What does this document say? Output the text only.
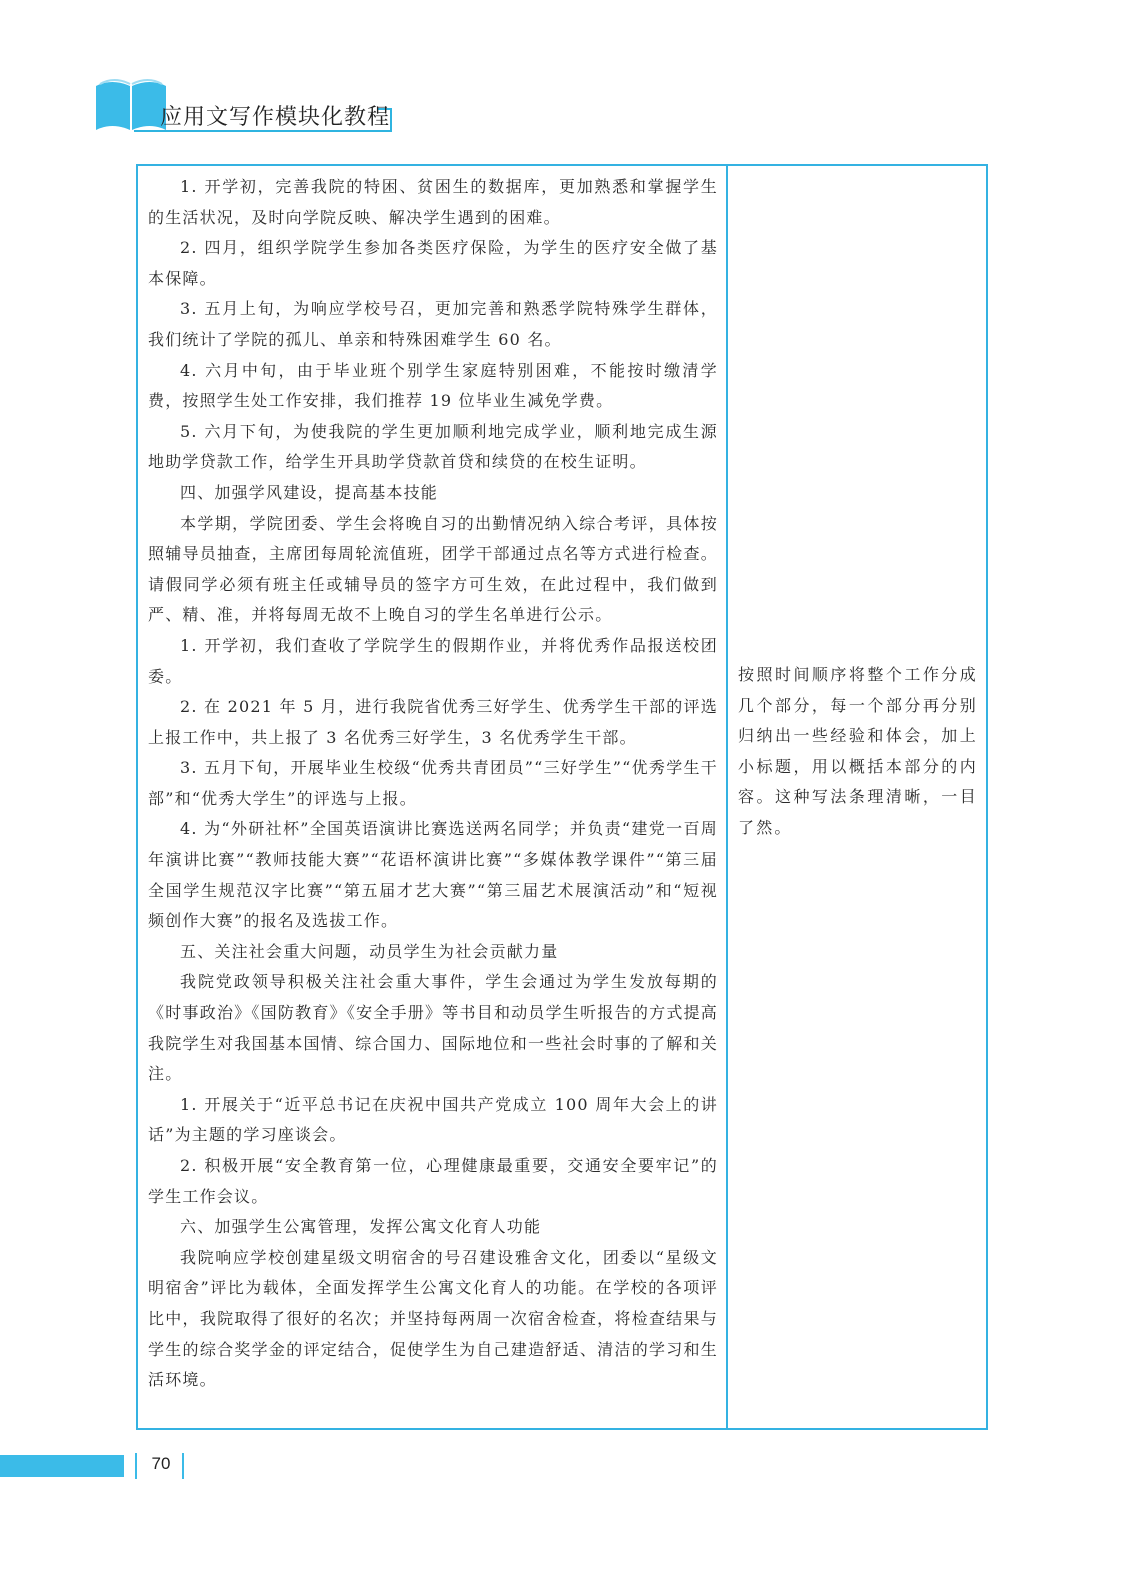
应用文写作模块化教程

1. 开学初，完善我院的特困、贫困生的数据库，更加熟悉和掌握学生的生活状况，及时向学院反映、解决学生遇到的困难。

2. 四月，组织学院学生参加各类医疗保险，为学生的医疗安全做了基本保障。

3. 五月上旬，为响应学校号召，更加完善和熟悉学院特殊学生群体，我们统计了学院的孤儿、单亲和特殊困难学生 60 名。

4. 六月中旬，由于毕业班个别学生家庭特别困难，不能按时缴清学费，按照学生处工作安排，我们推荐 19 位毕业生减免学费。

5. 六月下旬，为使我院的学生更加顺利地完成学业，顺利地完成生源地助学贷款工作，给学生开具助学贷款首贷和续贷的在校生证明。

四、加强学风建设，提高基本技能

本学期，学院团委、学生会将晚自习的出勤情况纳入综合考评，具体按照辅导员抽查，主席团每周轮流值班，团学干部通过点名等方式进行检查。请假同学必须有班主任或辅导员的签字方可生效，在此过程中，我们做到严、精、准，并将每周无故不上晚自习的学生名单进行公示。

1. 开学初，我们查收了学院学生的假期作业，并将优秀作品报送校团委。

2. 在 2021 年 5 月，进行我院省优秀三好学生、优秀学生干部的评选上报工作中，共上报了 3 名优秀三好学生，3 名优秀学生干部。

3. 五月下旬，开展毕业生校级“优秀共青团员”“三好学生”“优秀学生干部”和“优秀大学生”的评选与上报。

4. 为“外研社杯”全国英语演讲比赛选送两名同学；并负责“建党一百周年演讲比赛”“教师技能大赛”“花语杯演讲比赛”“多媒体教学课件”“第三届全国学生规范汉字比赛”“第五届才艺大赛”“第三届艺术展演活动”和“短视频创作大赛”的报名及选拔工作。

五、关注社会重大问题，动员学生为社会贡献力量

我院党政领导积极关注社会重大事件，学生会通过为学生发放每期的《时事政治》《国防教育》《安全手册》等书目和动员学生听报告的方式提高我院学生对我国基本国情、综合国力、国际地位和一些社会时事的了解和关注。

1. 开展关于“近平总书记在庆祝中国共产党成立 100 周年大会上的讲话”为主题的学习座谈会。

2. 积极开展“安全教育第一位，心理健康最重要，交通安全要牢记”的学生工作会议。

六、加强学生公寓管理，发挥公寓文化育人功能

我院响应学校创建星级文明宿舍的号召建设雅舍文化，团委以“星级文明宿舍”评比为载体，全面发挥学生公寓文化育人的功能。在学校的各项评比中，我院取得了很好的名次；并坚持每两周一次宿舍检查，将检查结果与学生的综合奖学金的评定结合，促使学生为自己建造舒适、清洁的学习和生活环境。

按照时间顺序将整个工作分成几个部分，每一个部分再分别归纳出一些经验和体会，加上小标题，用以概括本部分的内容。这种写法条理清晰，一目了然。

70
